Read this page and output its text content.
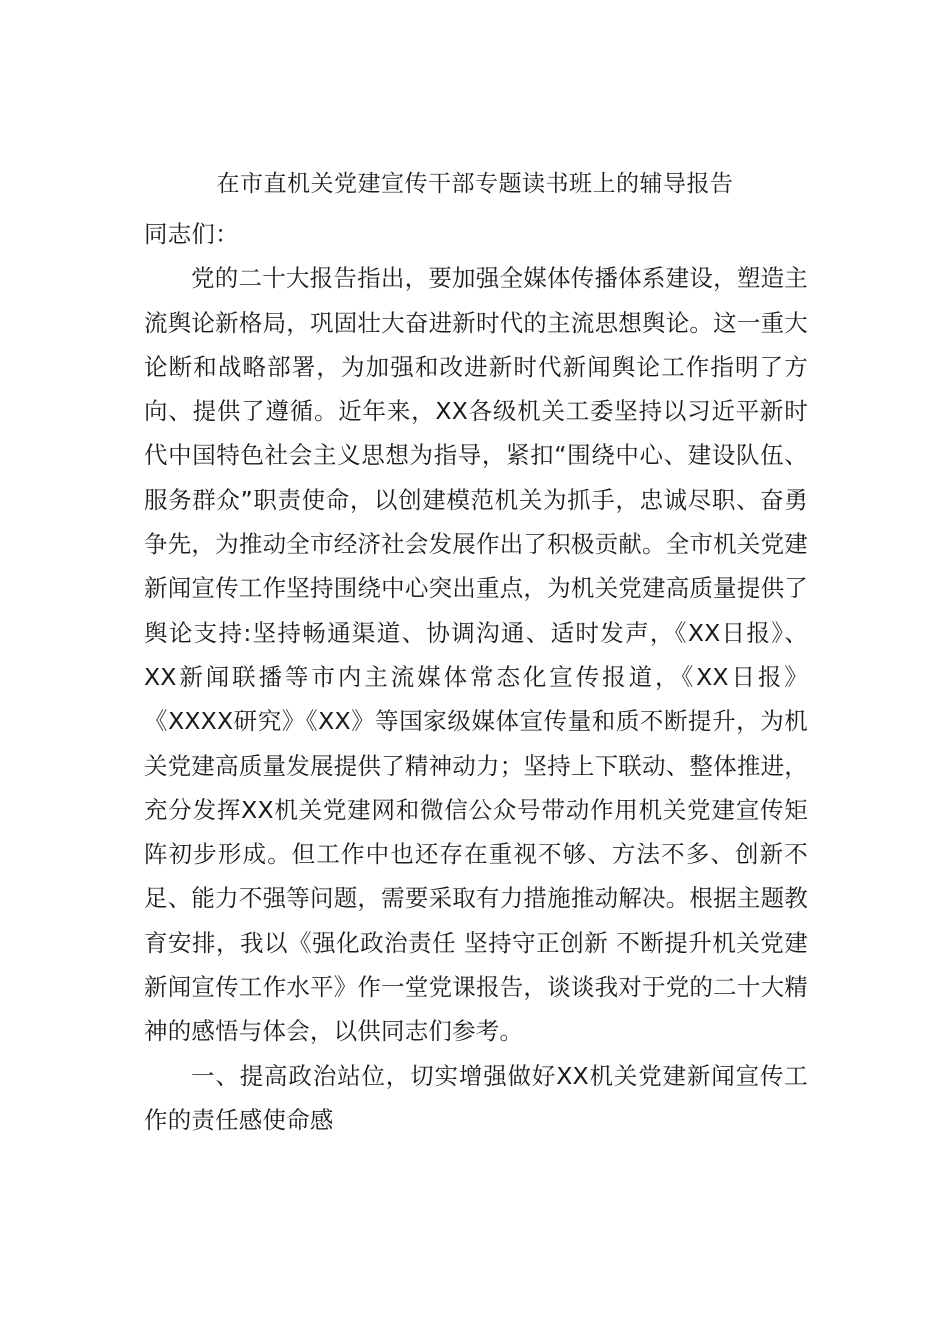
在市直机关党建宣传干部专题读书班上的辅导报告

同志们：

党的二十大报告指出，要加强全媒体传播体系建设，塑造主流舆论新格局，巩固壮大奋进新时代的主流思想舆论。这一重大论断和战略部署，为加强和改进新时代新闻舆论工作指明了方向、提供了遵循。近年来，XX各级机关工委坚持以习近平新时代中国特色社会主义思想为指导，紧扣“围绕中心、建设队伍、服务群众”职责使命，以创建模范机关为抓手，忠诚尽职、奋勇争先，为推动全市经济社会发展作出了积极贡献。全市机关党建新闻宣传工作坚持围绕中心突出重点，为机关党建高质量提供了舆论支持:坚持畅通渠道、协调沟通、适时发声，《XX日报》、XX新闻联播等市内主流媒体常态化宣传报道，《XX日报》《XXXX研究》《XX》等国家级媒体宣传量和质不断提升，为机关党建高质量发展提供了精神动力；坚持上下联动、整体推进，充分发挥XX机关党建网和微信公众号带动作用机关党建宣传矩阵初步形成。但工作中也还存在重视不够、方法不多、创新不足、能力不强等问题，需要采取有力措施推动解决。根据主题教育安排，我以《强化政治责任 坚持守正创新 不断提升机关党建新闻宣传工作水平》作一堂党课报告，谈谈我对于党的二十大精神的感悟与体会，以供同志们参考。

一、提高政治站位，切实增强做好XX机关党建新闻宣传工作的责任感使命感
